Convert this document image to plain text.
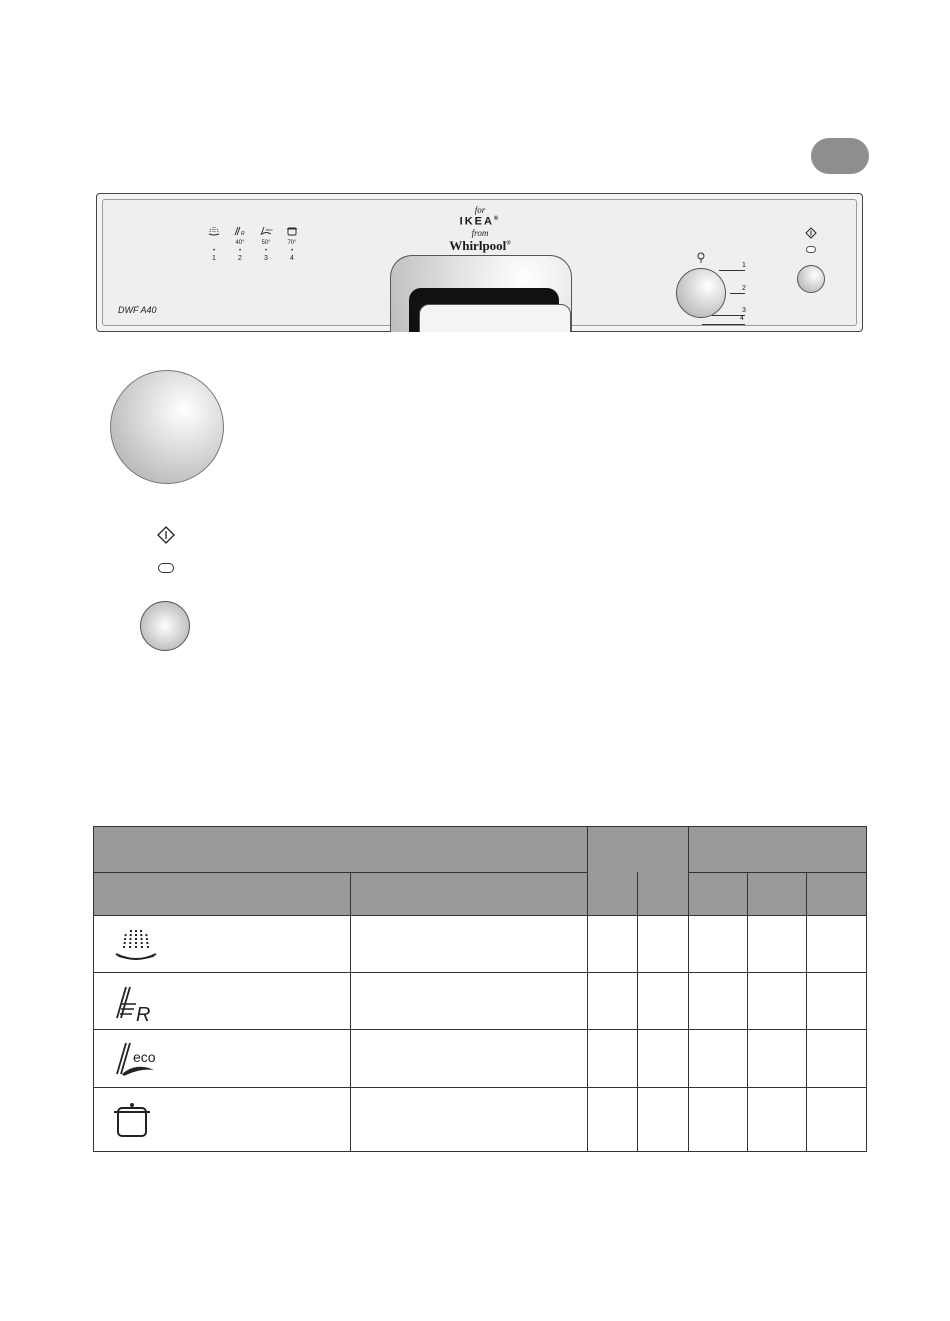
for
IKEA®
from
Whirlpool®
•
1
R
40°
•
2
eco
50°
•
3
70°
•
4
DWF A40
1
2
3
4
R
eco
